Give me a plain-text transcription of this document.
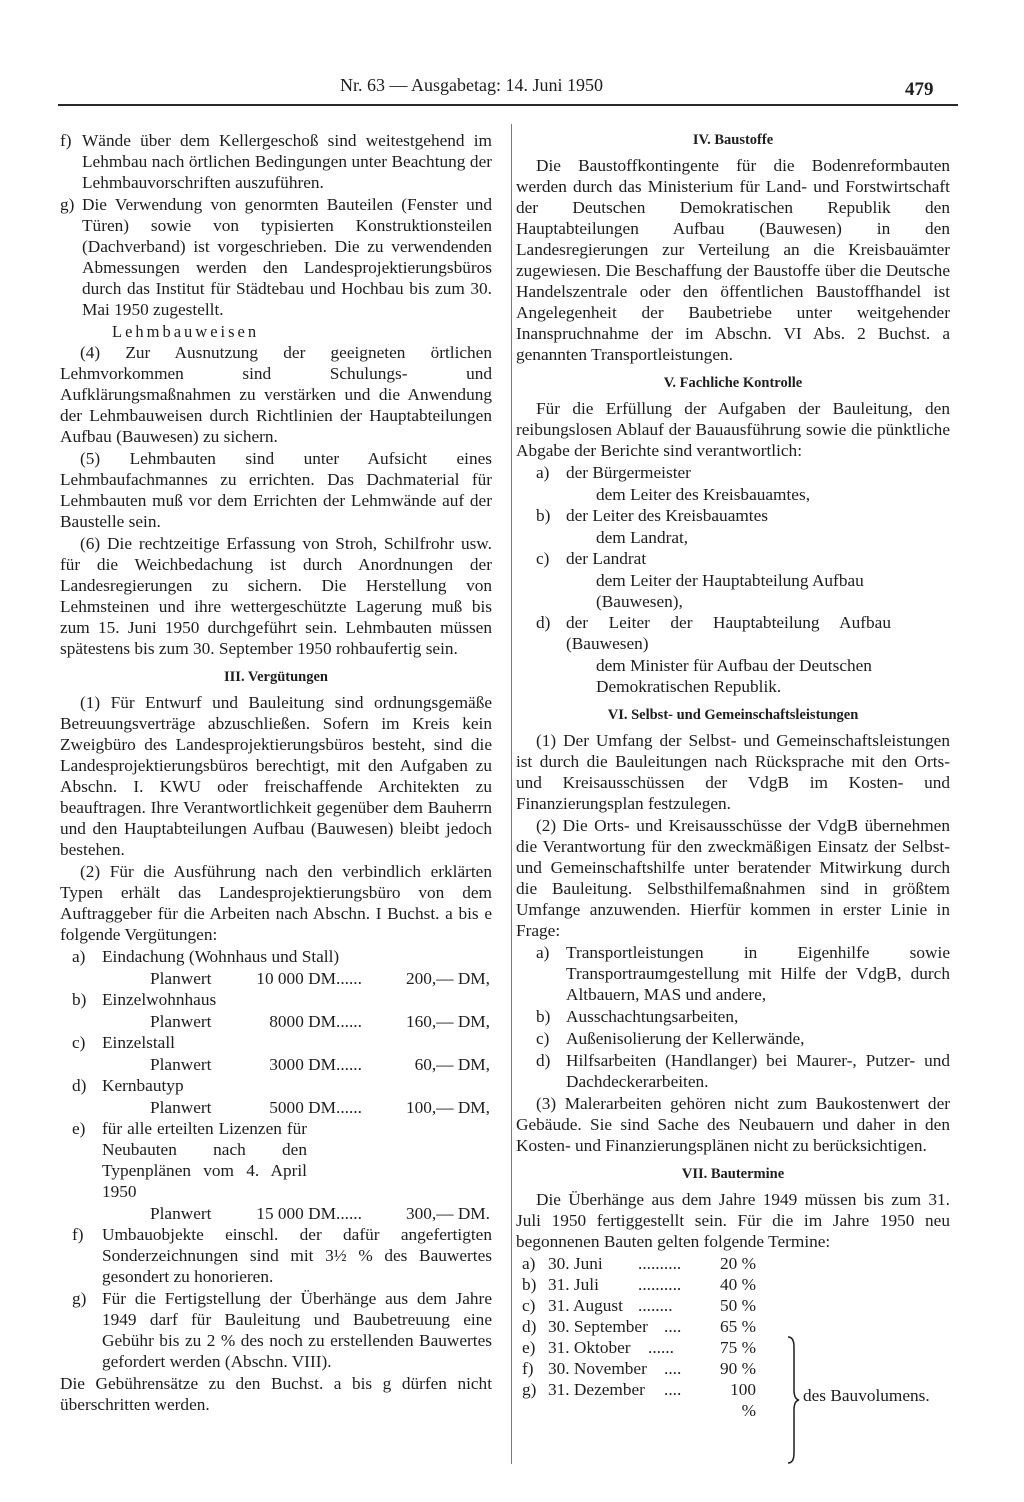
Nr. 63 — Ausgabetag: 14. Juni 1950	479
f) Wände über dem Kellergeschoß sind weitestgehend im Lehmbau nach örtlichen Bedingungen unter Beachtung der Lehmbauvorschriften auszuführen.
g) Die Verwendung von genormten Bauteilen (Fenster und Türen) sowie von typisierten Konstruktionsteilen (Dachverband) ist vorgeschrieben. Die zu verwendenden Abmessungen werden den Landesprojektierungsbüros durch das Institut für Städtebau und Hochbau bis zum 30. Mai 1950 zugestellt.
Lehmbauweisen

(4) Zur Ausnutzung der geeigneten örtlichen Lehmvorkommen sind Schulungs- und Aufklärungsmaßnahmen zu verstärken und die Anwendung der Lehmbauweisen durch Richtlinien der Hauptabteilungen Aufbau (Bauwesen) zu sichern.

(5) Lehmbauten sind unter Aufsicht eines Lehmbaufachmannes zu errichten. Das Dachmaterial für Lehmbauten muß vor dem Errichten der Lehmwände auf der Baustelle sein.

(6) Die rechtzeitige Erfassung von Stroh, Schilfrohr usw. für die Weichbedachung ist durch Anordnungen der Landesregierungen zu sichern. Die Herstellung von Lehmsteinen und ihre wettergeschützte Lagerung muß bis zum 15. Juni 1950 durchgeführt sein. Lehmbauten müssen spätestens bis zum 30. September 1950 rohbaufertig sein.

III. Vergütungen

(1) Für Entwurf und Bauleitung sind ordnungsgemäße Betreuungsverträge abzuschließen. Sofern im Kreis kein Zweigbüro des Landesprojektierungsbüros besteht, sind die Landesprojektierungsbüros berechtigt, mit den Aufgaben zu Abschn. I. KWU oder freischaffende Architekten zu beauftragen. Ihre Verantwortlichkeit gegenüber dem Bauherrn und den Hauptabteilungen Aufbau (Bauwesen) bleibt jedoch bestehen.

(2) Für die Ausführung nach den verbindlich erklärten Typen erhält das Landesprojektierungsbüro von dem Auftraggeber für die Arbeiten nach Abschn. I Buchst. a bis e folgende Vergütungen:

a) Eindachung (Wohnhaus und Stall)
Planwert	10 000 DM ......	200,— DM,
b) Einzelwohnhaus
Planwert	8000 DM ......	160,— DM,
c) Einzelstall
Planwert	3000 DM ......	60,— DM,
d) Kernbautyp
Planwert	5000 DM ......	100,— DM,
e) für alle erteilten Lizenzen für Neubauten nach den Typenplänen vom 4. April 1950
Planwert	15 000 DM ......	300,— DM.
f)	Umbauobjekte einschl. der dafür angefertigten Sonderzeichnungen sind mit 3½ % des Bauwertes gesondert zu honorieren.
g) Für die Fertigstellung der Überhänge aus dem Jahre 1949 darf für Bauleitung und Baubetreuung eine Gebühr bis zu 2 % des noch zu erstellenden Bauwertes gefordert werden (Abschn. VIII).

Die Gebührensätze zu den Buchst. a bis g dürfen nicht überschritten werden.

IV. Baustoffe

Die Baustoffkontingente für die Bodenreformbauten werden durch das Ministerium für Land- und Forstwirtschaft der Deutschen Demokratischen Republik den Hauptabteilungen Aufbau (Bauwesen) in den Landesregierungen zur Verteilung an die Kreisbauämter zugewiesen. Die Beschaffung der Baustoffe über die Deutsche Handelszentrale oder den öffentlichen Baustoffhandel ist Angelegenheit der Baubetriebe unter weitgehender Inanspruchnahme der im Abschn. VI Abs. 2 Buchst. a genannten Transportleistungen.

V. Fachliche Kontrolle

Für die Erfüllung der Aufgaben der Bauleitung, den reibungslosen Ablauf der Bauausführung sowie die pünktliche Abgabe der Berichte sind verantwortlich:

a) der Bürgermeister
dem Leiter des Kreisbauamtes,
b) der Leiter des Kreisbauamtes
dem Landrat,
c) der Landrat
dem Leiter der Hauptabteilung Aufbau (Bauwesen),
d) der Leiter der Hauptabteilung Aufbau (Bauwesen)
dem Minister für Aufbau der Deutschen Demokratischen Republik.
VI. Selbst- und Gemeinschaftsleistungen

(1) Der Umfang der Selbst- und Gemeinschaftsleistungen ist durch die Bauleitungen nach Rücksprache mit den Orts- und Kreisausschüssen der VdgB im Kosten- und Finanzierungsplan festzulegen.

(2) Die Orts- und Kreisausschüsse der VdgB übernehmen die Verantwortung für den zweckmäßigen Einsatz der Selbst- und Gemeinschaftshilfe unter beratender Mitwirkung durch die Bauleitung. Selbsthilfemaßnahmen sind in größtem Umfange anzuwenden. Hierfür kommen in erster Linie in Frage:

a) Transportleistungen in Eigenhilfe sowie Transportraumgestellung mit Hilfe der VdgB, durch Altbauern, MAS und andere,
b) Ausschachtungsarbeiten,
c) Außenisolierung der Kellerwände,
d) Hilfsarbeiten (Handlanger) bei Maurer-, Putzer- und Dachdeckerarbeiten.

(3) Malerarbeiten gehören nicht zum Baukostenwert der Gebäude. Sie sind Sache des Neubauern und daher in den Kosten- und Finanzierungsplänen nicht zu berücksichtigen.

VII. Bautermine

Die Überhänge aus dem Jahre 1949 müssen bis zum 31. Juli 1950 fertiggestellt sein. Für die im Jahre 1950 neu begonnenen Bauten gelten folgende Termine:

a) 30. Juni	..........	20 %
b) 31. Juli	..........	40 %
c) 31. August ........	50 %
d) 30. September ....	65 %
e) 31. Oktober	......	75 %
f) 30. November ....	90 %
g) 31. Dezember	....	100 %
des Bauvolumens.
